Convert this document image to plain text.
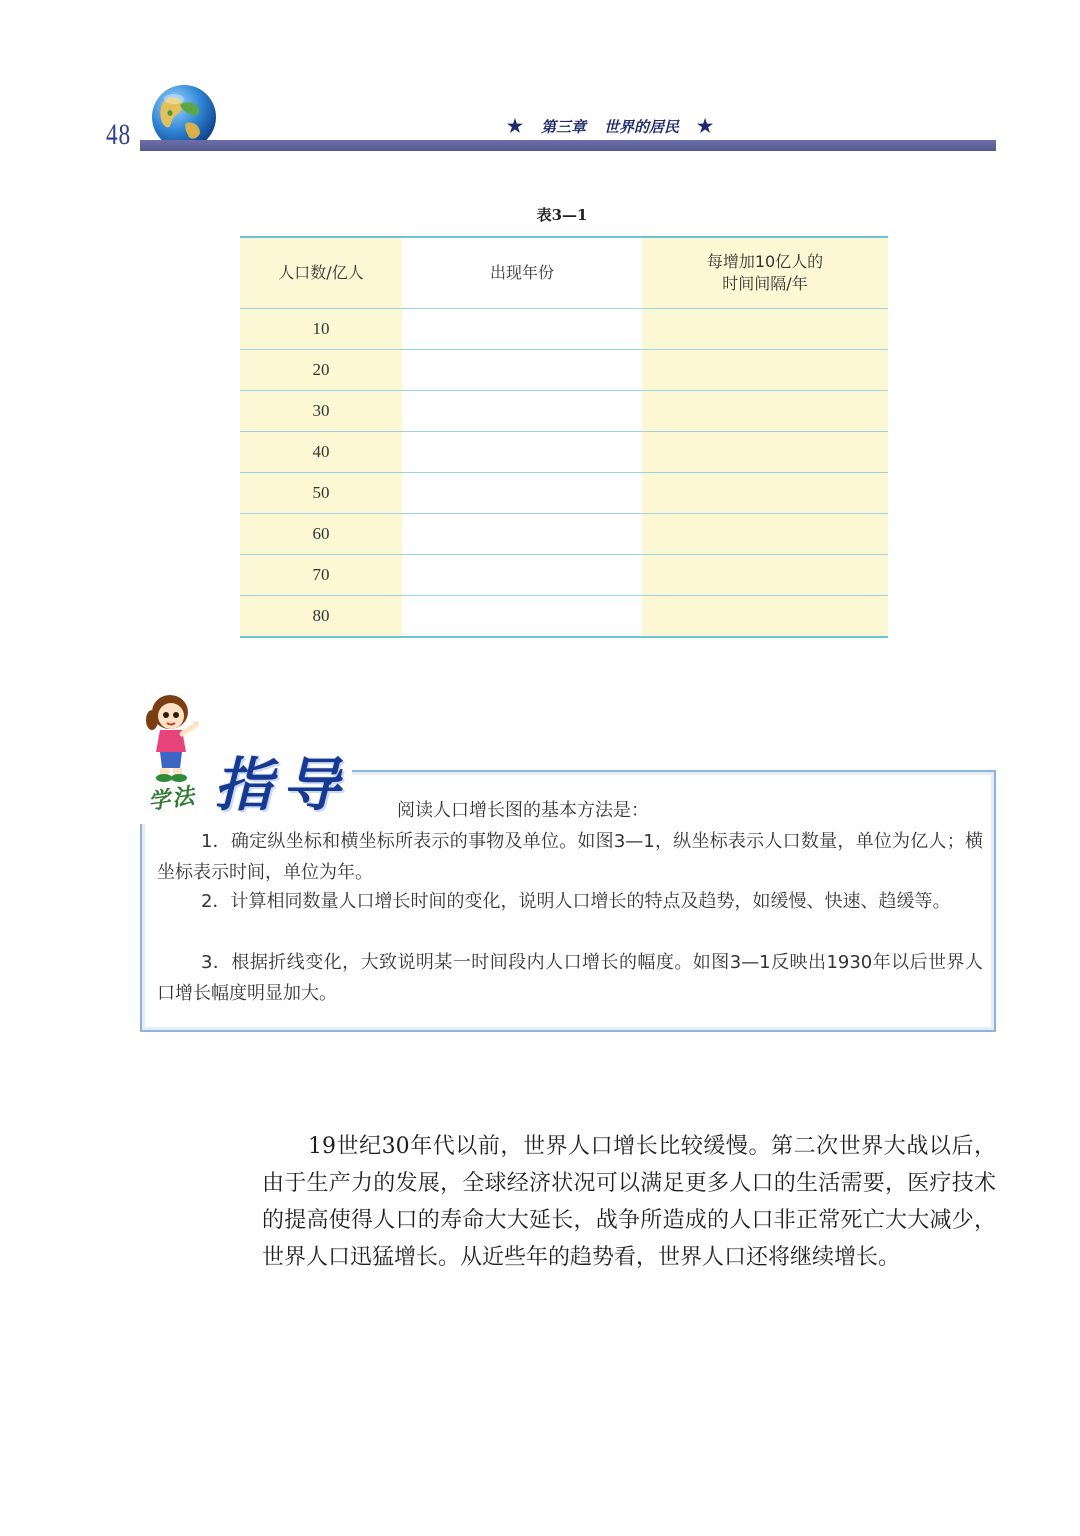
48	★ 第三章 世界的居民 ★
表3—1
人口数/亿人	出现年份	每增加10亿人的
时间间隔/年

10		
20		
30		
40		
50		
60		
70		
80		
学法 指导	阅读人口增长图的基本方法是：
1．确定纵坐标和横坐标所表示的事物及单位。如图3—1，纵坐标表示人口数量，单位为亿人；横坐标表示时间，单位为年。
2．计算相同数量人口增长时间的变化，说明人口增长的特点及趋势，如缓慢、快速、趋缓等。
3．根据折线变化，大致说明某一时间段内人口增长的幅度。如图3—1反映出1930年以后世界人口增长幅度明显加大。

19世纪30年代以前，世界人口增长比较缓慢。第二次世界大战以后，由于生产力的发展，全球经济状况可以满足更多人口的生活需要，医疗技术的提高使得人口的寿命大大延长，战争所造成的人口非正常死亡大大减少，世界人口迅猛增长。从近些年的趋势看，世界人口还将继续增长。
